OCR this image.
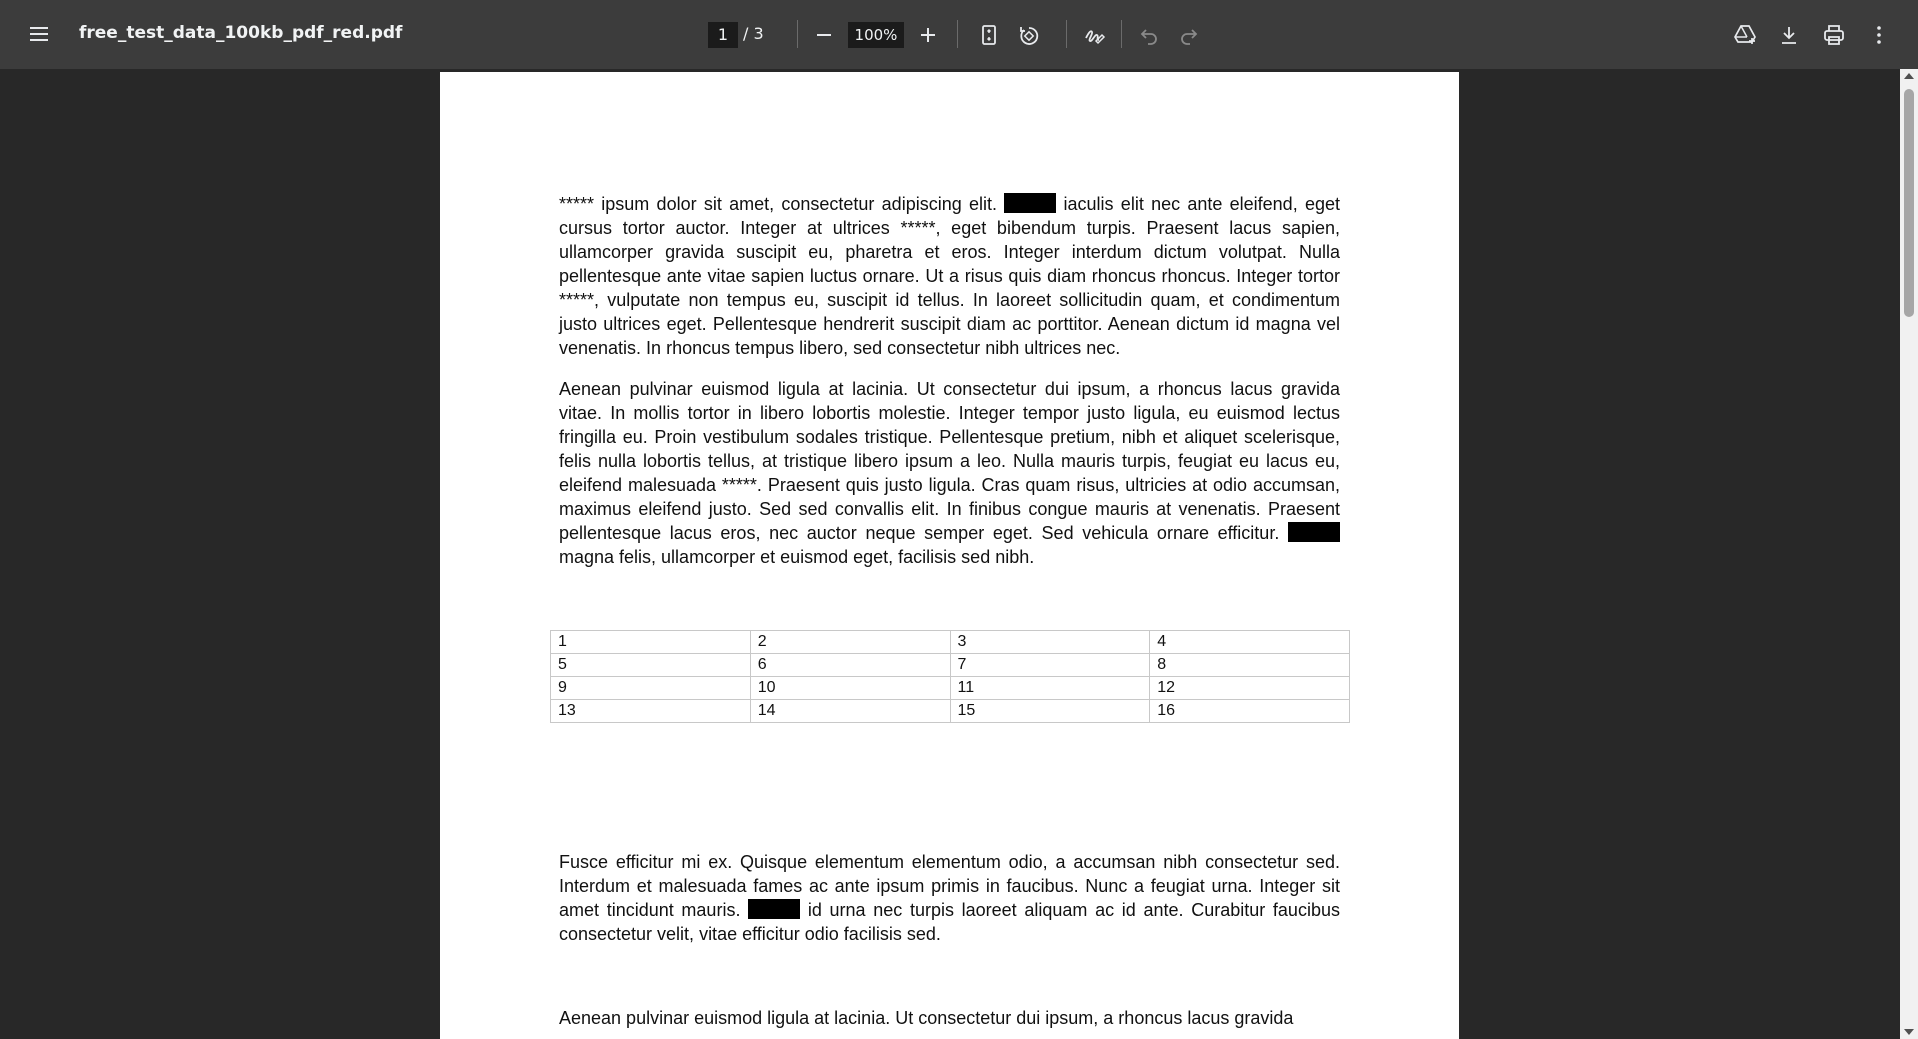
free_test_data_100kb_pdf_red.pdf	1 / 3	100%
***** ipsum dolor sit amet, consectetur adipiscing elit.	iaculis elit nec ante eleifend, eget cursus tortor auctor. Integer at ultrices *****, eget bibendum turpis. Praesent lacus sapien, ullamcorper gravida suscipit eu, pharetra et eros. Integer interdum dictum volutpat. Nulla pellentesque ante vitae sapien luctus ornare. Ut a risus quis diam rhoncus rhoncus. Integer tortor *****, vulputate non tempus eu, suscipit id tellus. In laoreet sollicitudin quam, et condimentum justo ultrices eget. Pellentesque hendrerit suscipit diam ac porttitor. Aenean dictum id magna vel venenatis. In rhoncus tempus libero, sed consectetur nibh ultrices nec.
Aenean pulvinar euismod ligula at lacinia. Ut consectetur dui ipsum, a rhoncus lacus gravida vitae. In mollis tortor in libero lobortis molestie. Integer tempor justo ligula, eu euismod lectus fringilla eu. Proin vestibulum sodales tristique. Pellentesque pretium, nibh et aliquet scelerisque, felis nulla lobortis tellus, at tristique libero ipsum a leo. Nulla mauris turpis, feugiat eu lacus eu, eleifend malesuada *****. Praesent quis justo ligula. Cras quam risus, ultricies at odio accumsan, maximus eleifend justo. Sed sed convallis elit. In finibus congue mauris at venenatis. Praesent pellentesque lacus eros, nec auctor neque semper eget. Sed vehicula ornare efficitur.  magna felis, ullamcorper et euismod eget, facilisis sed nibh.
1	2	3	4
5	6	7	8
9	10	11	12
13	14	15	16
Fusce efficitur mi ex. Quisque elementum elementum odio, a accumsan nibh consectetur sed. Interdum et malesuada fames ac ante ipsum primis in faucibus. Nunc a feugiat urna. Integer sit amet tincidunt mauris.	id urna nec turpis laoreet aliquam ac id ante. Curabitur faucibus consectetur velit, vitae efficitur odio facilisis sed.
Aenean pulvinar euismod ligula at lacinia. Ut consectetur dui ipsum, a rhoncus lacus gravida
